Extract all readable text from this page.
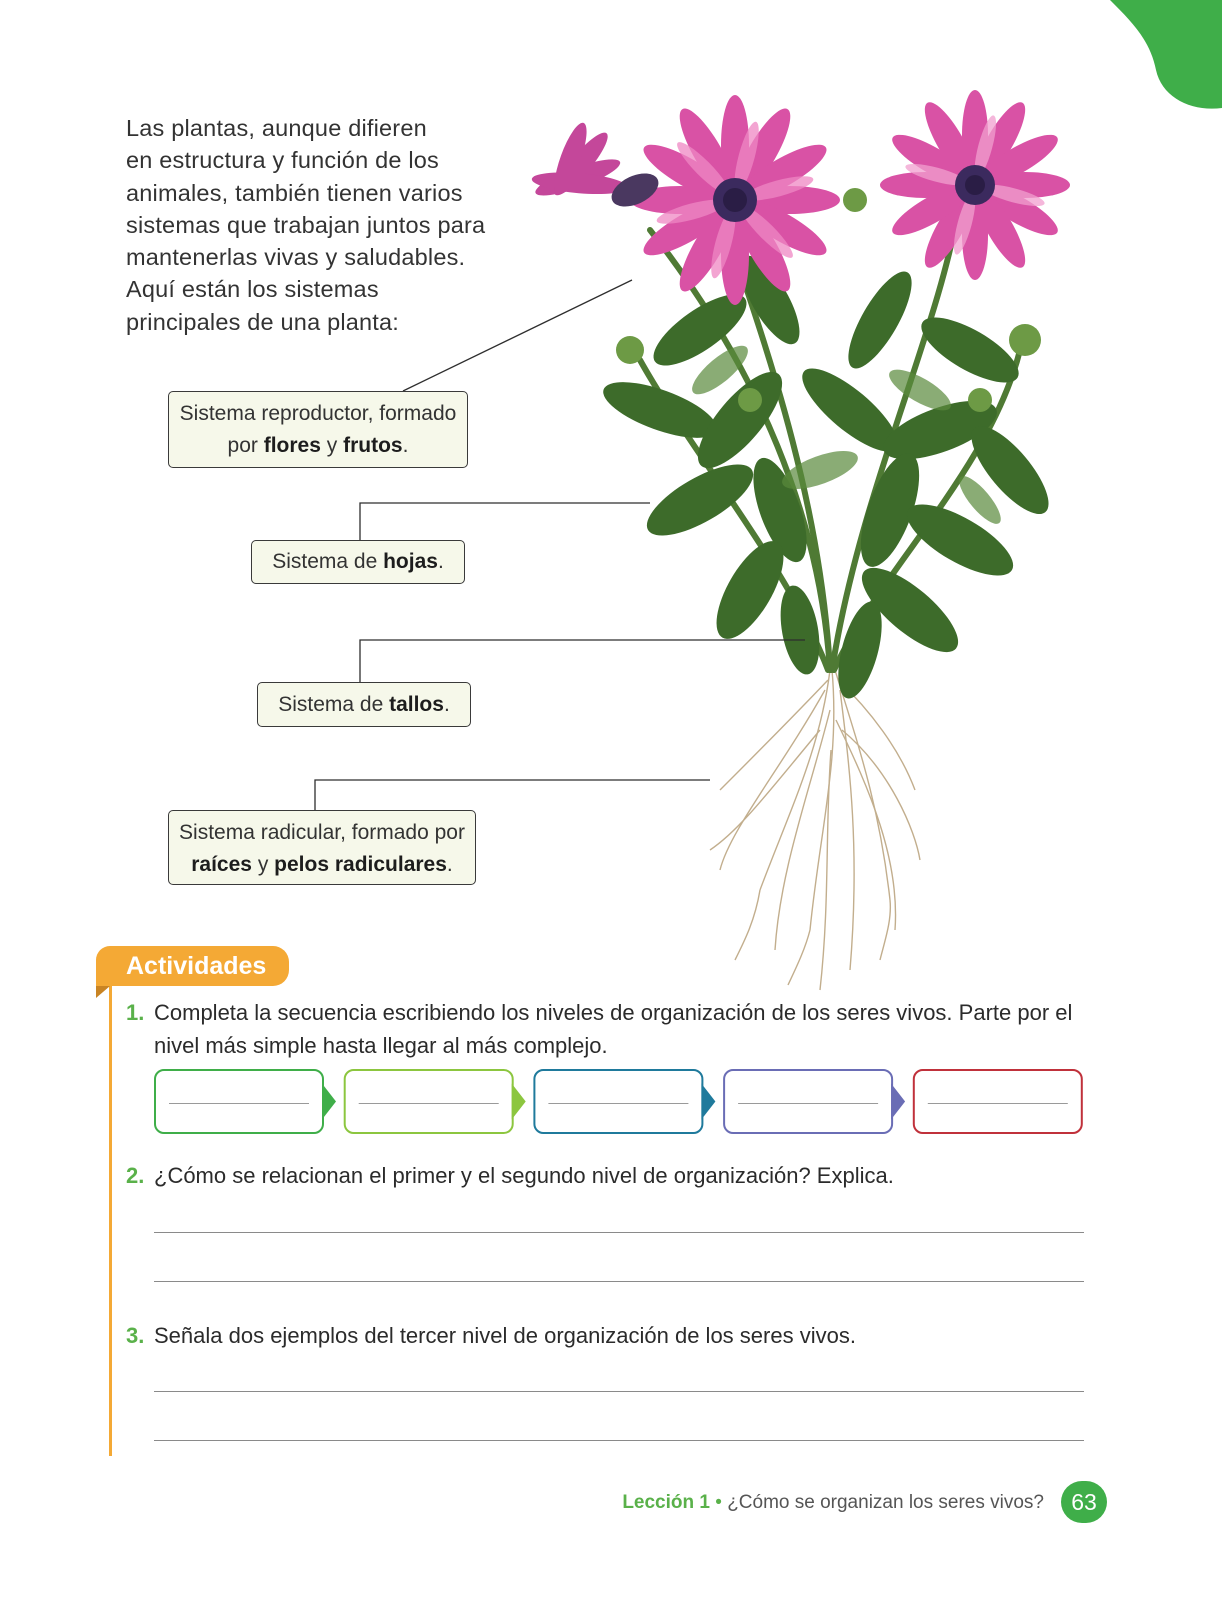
Las plantas, aunque difieren
en estructura y función de los
animales, también tienen varios
sistemas que trabajan juntos para
mantenerlas vivas y saludables.
Aquí están los sistemas
principales de una planta:
Sistema reproductor, formado
por flores y frutos.
Sistema de hojas.
Sistema de tallos.
Sistema radicular, formado por
raíces y pelos radiculares.
Actividades
1. Completa la secuencia escribiendo los niveles de organización de los seres vivos. Parte por el
nivel más simple hasta llegar al más complejo.
2. ¿Cómo se relacionan el primer y el segundo nivel de organización? Explica.
3. Señala dos ejemplos del tercer nivel de organización de los seres vivos.
Lección 1 • ¿Cómo se organizan los seres vivos?	63
